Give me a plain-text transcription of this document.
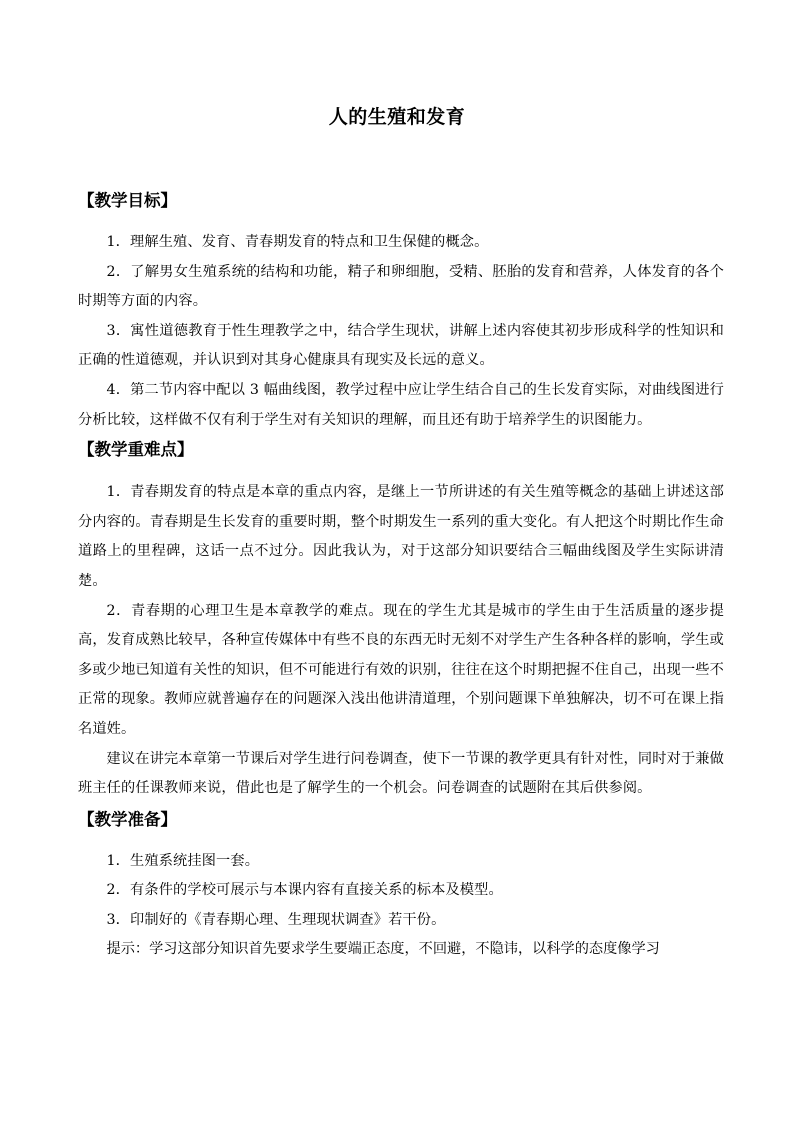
人的生殖和发育
【教学目标】

1．理解生殖、发育、青春期发育的特点和卫生保健的概念。

2．了解男女生殖系统的结构和功能，精子和卵细胞，受精、胚胎的发育和营养，人体发育的各个时期等方面的内容。

3．寓性道德教育于性生理教学之中，结合学生现状，讲解上述内容使其初步形成科学的性知识和正确的性道德观，并认识到对其身心健康具有现实及长远的意义。

4．第二节内容中配以 3 幅曲线图，教学过程中应让学生结合自己的生长发育实际，对曲线图进行分析比较，这样做不仅有利于学生对有关知识的理解，而且还有助于培养学生的识图能力。

【教学重难点】

1．青春期发育的特点是本章的重点内容，是继上一节所讲述的有关生殖等概念的基础上讲述这部分内容的。青春期是生长发育的重要时期，整个时期发生一系列的重大变化。有人把这个时期比作生命道路上的里程碑，这话一点不过分。因此我认为，对于这部分知识要结合三幅曲线图及学生实际讲清楚。

2．青春期的心理卫生是本章教学的难点。现在的学生尤其是城市的学生由于生活质量的逐步提高，发育成熟比较早，各种宣传媒体中有些不良的东西无时无刻不对学生产生各种各样的影响，学生或多或少地已知道有关性的知识，但不可能进行有效的识别，往往在这个时期把握不住自己，出现一些不正常的现象。教师应就普遍存在的问题深入浅出他讲清道理，个别问题课下单独解决，切不可在课上指名道姓。

建议在讲完本章第一节课后对学生进行问卷调查，使下一节课的教学更具有针对性，同时对于兼做班主任的任课教师来说，借此也是了解学生的一个机会。问卷调查的试题附在其后供参阅。

【教学准备】

1．生殖系统挂图一套。

2．有条件的学校可展示与本课内容有直接关系的标本及模型。

3．印制好的《青春期心理、生理现状调查》若干份。

提示：学习这部分知识首先要求学生要端正态度，不回避，不隐讳，以科学的态度像学习
